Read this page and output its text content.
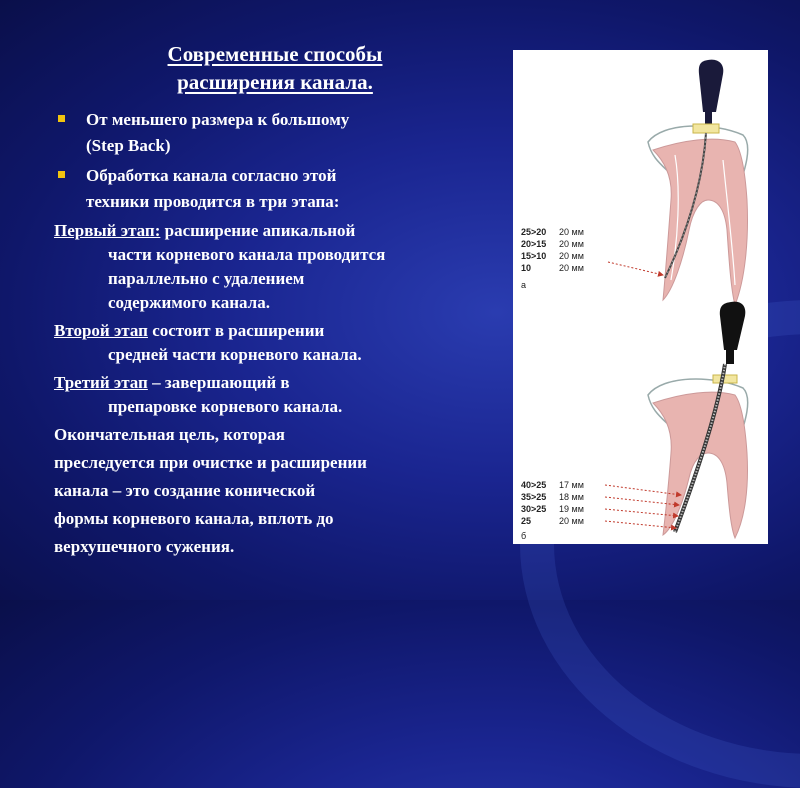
Современные способы
расширения канала.
От меньшего размера к большому
(Step Back)
Обработка канала согласно этой
техники проводится в три этапа:
Первый этап: расширение апикальной
части корневого канала проводится
параллельно с удалением
содержимого канала.
Второй этап состоит в расширении
средней части корневого канала.
Третий этап – завершающий в
препаровке корневого канала.
Окончательная цель, которая
преследуется при очистке и расширении
канала – это создание конической
формы корневого канала, вплоть до
верхушечного сужения.
25>20 20 мм
20>15 20 мм
15>10 20 мм
10	20 мм
а
40>25 17 мм
35>25 18 мм
30>25 19 мм
25	20 мм
б
